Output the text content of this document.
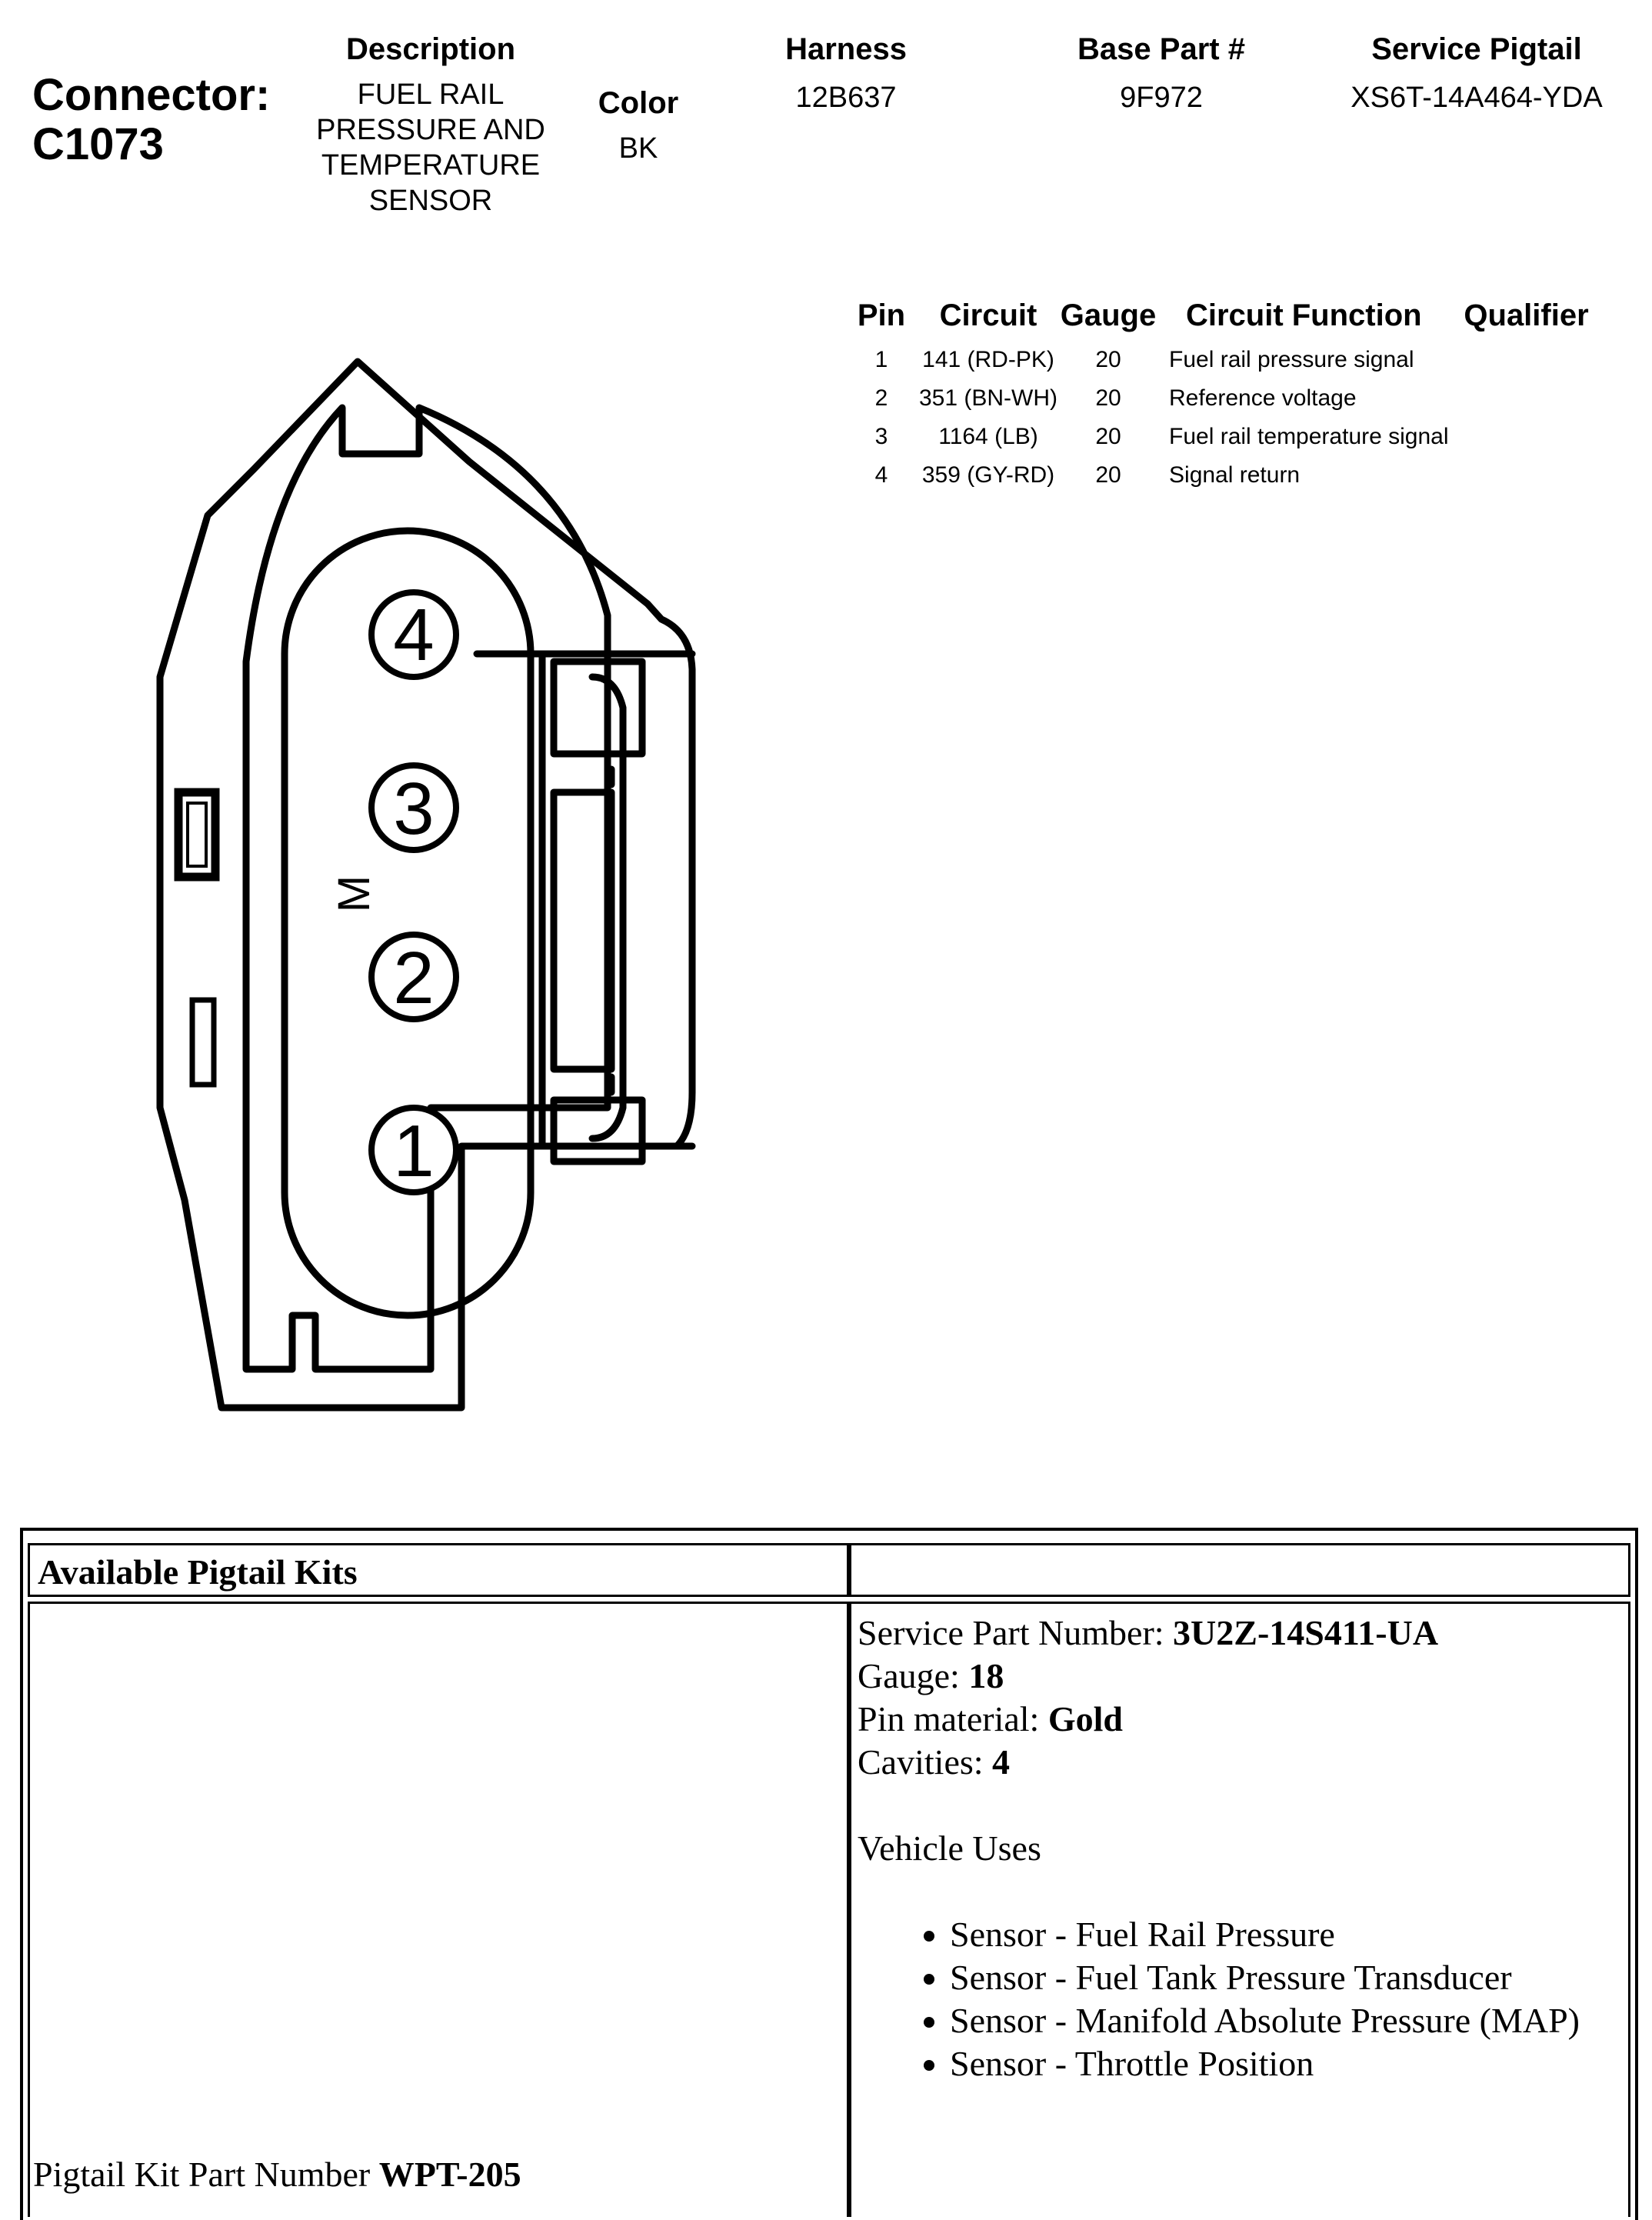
Connector:
C1073
Description
FUEL RAIL
PRESSURE AND
TEMPERATURE
SENSOR
Color
BK
Harness
12B637
Base Part #
9F972
Service Pigtail
XS6T-14A464-YDA
Pin	Circuit	Gauge	Circuit Function	Qualifier
1	141 (RD-PK)	20	Fuel rail pressure signal	
2	351 (BN-WH)	20	Reference voltage	
3	1164 (LB)	20	Fuel rail temperature signal	
4	359 (GY-RD)	20	Signal return	
4
3
2
1
M
Available Pigtail Kits
Pigtail Kit Part Number WPT-205
Service Part Number: 3U2Z-14S411-UA
Gauge: 18
Pin material: Gold
Cavities: 4
Vehicle Uses
• Sensor - Fuel Rail Pressure
• Sensor - Fuel Tank Pressure Transducer
• Sensor - Manifold Absolute Pressure (MAP)
• Sensor - Throttle Position
